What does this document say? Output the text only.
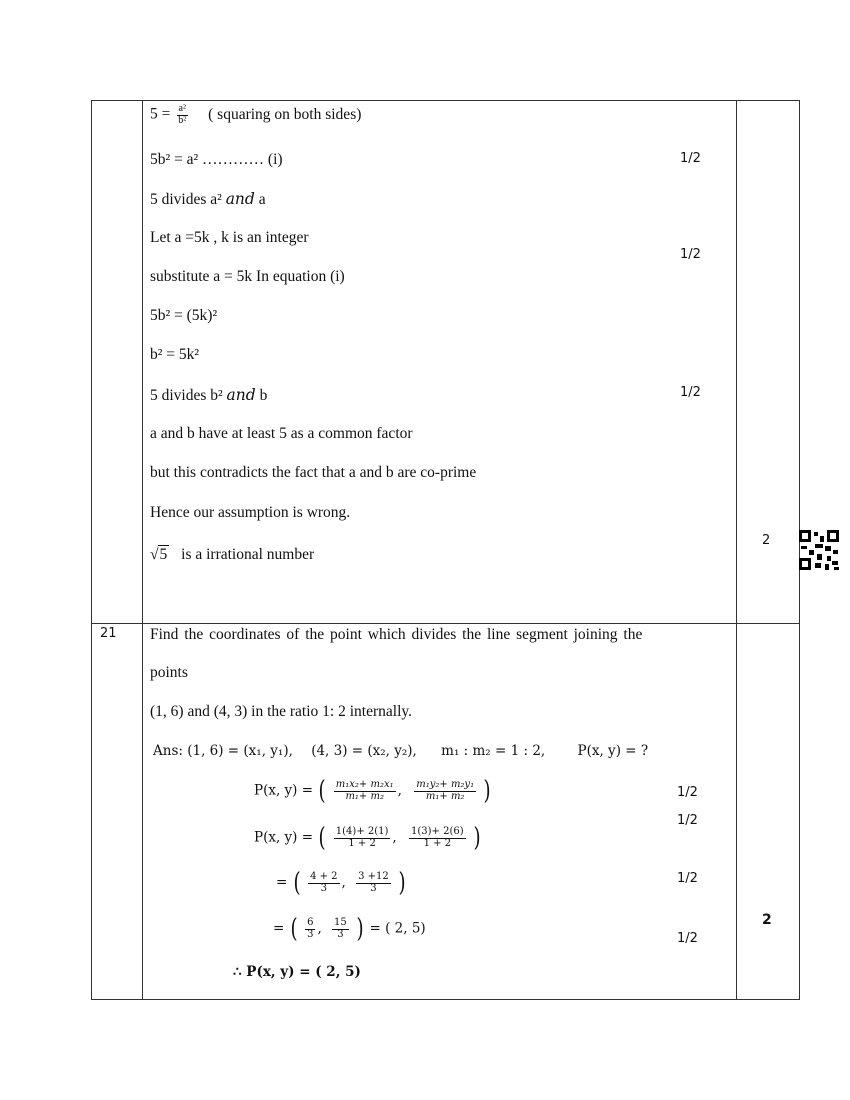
$5 = \frac{\text{a²}}{\text{b²}}$ ( squaring on both sides)
5b² = a² ………… (i)
5 divides a² and a
Let a =5k , k is an integer
substitute a = 5k In equation (i)
5b² = (5k)²
b² = 5k²
5 divides b² and b
a and b have at least 5 as a common factor
but this contradicts the fact that a and b are co-prime
Hence our assumption is wrong.
√5 is a irrational number
1/2
1/2
1/2
2
21 Find the coordinates of the point which divides the line segment joining the
points
(1, 6) and (4, 3) in the ratio 1: 2 internally.
Ans: (1, 6) = (x₁, y₁), (4, 3) = (x₂, y₂), m₁ : m₂ = 1 : 2, P(x, y) = ?
P(x, y) = ( $\frac{\text{m₁x₂+ m₂x₁}}{\text{m₁+ m₂}}$ , $\frac{\text{m₁y₂+ m₂y₁}}{\text{m₁+ m₂}}$ )
P(x, y) = ( $\frac{1(4)+ 2(1)}{1 + 2}$ , $\frac{1(3)+ 2(6)}{1 + 2}$ )
= ( $\frac{4 + 2}{3}$ , $\frac{3 +12}{3}$ )
= ( $\frac{6}{3}$ , $\frac{15}{3}$ ) = ( 2, 5)
∴ P(x, y) = ( 2, 5)
1/2
1/2
1/2
1/2
2
